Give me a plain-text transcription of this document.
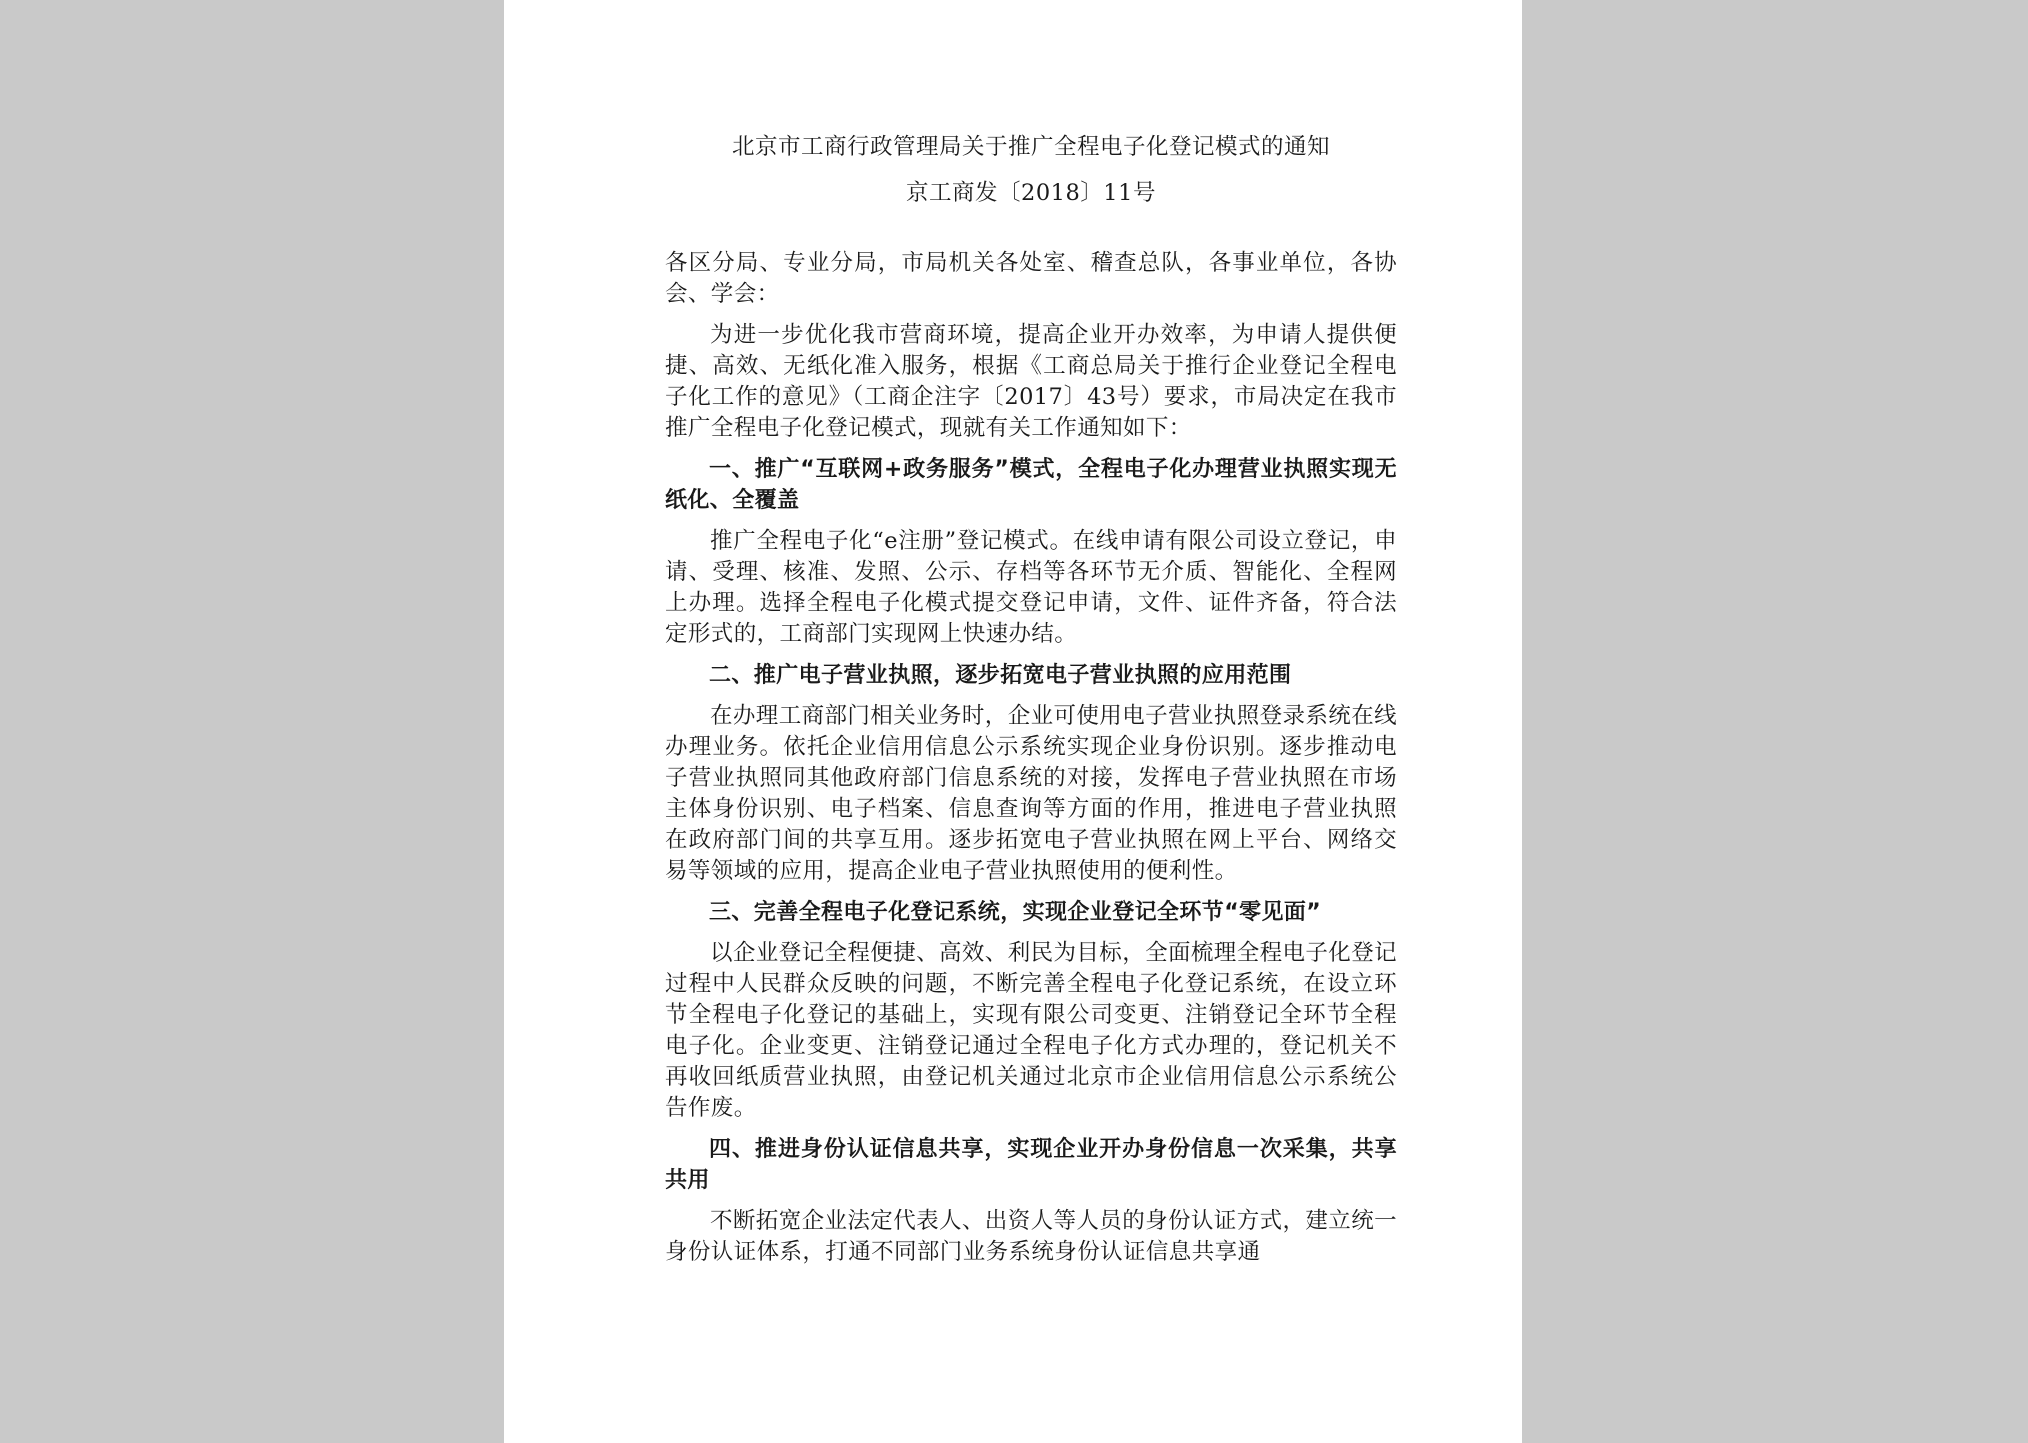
北京市工商行政管理局关于推广全程电子化登记模式的通知
京工商发〔2018〕11号

各区分局、专业分局，市局机关各处室、稽查总队，各事业单位，各协会、学会：

为进一步优化我市营商环境，提高企业开办效率，为申请人提供便捷、高效、无纸化准入服务，根据《工商总局关于推行企业登记全程电子化工作的意见》（工商企注字〔2017〕43号）要求，市局决定在我市推广全程电子化登记模式，现就有关工作通知如下：

一、推广“互联网+政务服务”模式，全程电子化办理营业执照实现无纸化、全覆盖

推广全程电子化“e注册”登记模式。在线申请有限公司设立登记，申请、受理、核准、发照、公示、存档等各环节无介质、智能化、全程网上办理。选择全程电子化模式提交登记申请，文件、证件齐备，符合法定形式的，工商部门实现网上快速办结。

二、推广电子营业执照，逐步拓宽电子营业执照的应用范围

在办理工商部门相关业务时，企业可使用电子营业执照登录系统在线办理业务。依托企业信用信息公示系统实现企业身份识别。逐步推动电子营业执照同其他政府部门信息系统的对接，发挥电子营业执照在市场主体身份识别、电子档案、信息查询等方面的作用，推进电子营业执照在政府部门间的共享互用。逐步拓宽电子营业执照在网上平台、网络交易等领域的应用，提高企业电子营业执照使用的便利性。

三、完善全程电子化登记系统，实现企业登记全环节“零见面”

以企业登记全程便捷、高效、利民为目标，全面梳理全程电子化登记过程中人民群众反映的问题，不断完善全程电子化登记系统，在设立环节全程电子化登记的基础上，实现有限公司变更、注销登记全环节全程电子化。企业变更、注销登记通过全程电子化方式办理的，登记机关不再收回纸质营业执照，由登记机关通过北京市企业信用信息公示系统公告作废。

四、推进身份认证信息共享，实现企业开办身份信息一次采集，共享共用

不断拓宽企业法定代表人、出资人等人员的身份认证方式，建立统一身份认证体系，打通不同部门业务系统身份认证信息共享通
